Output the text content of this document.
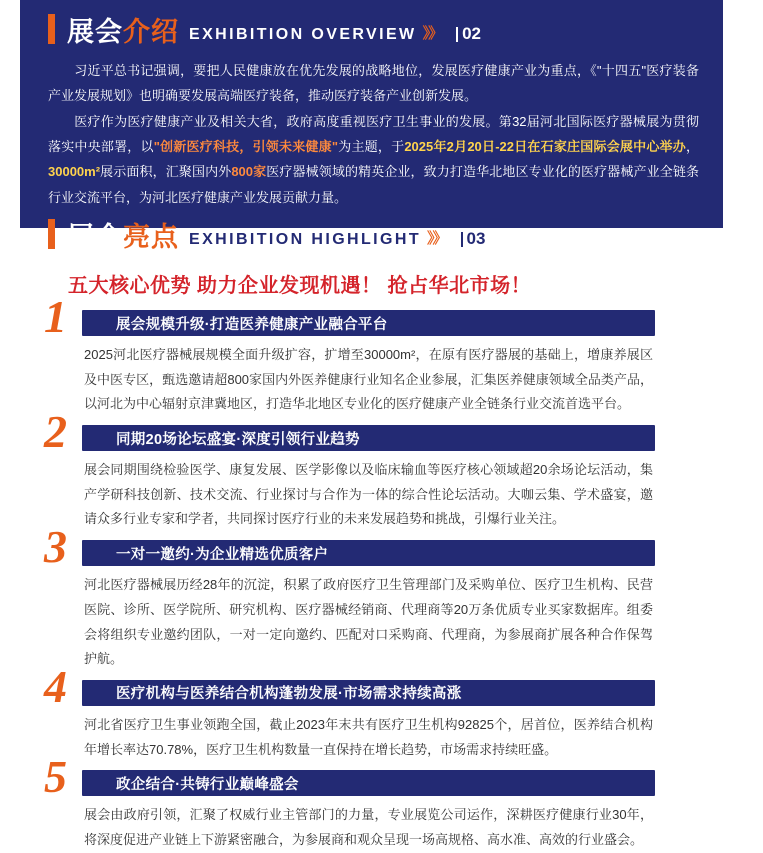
展会介绍 EXHIBITION OVERVIEW 》》	02
习近平总书记强调，要把人民健康放在优先发展的战略地位，发展医疗健康产业为重点，《"十四五"医疗装备产业发展规划》也明确要发展高端医疗装备，推动医疗装备产业创新发展。
医疗作为医疗健康产业及相关大省，政府高度重视医疗卫生事业的发展。第32届河北国际医疗器械展为贯彻落实中央部署，以"创新医疗科技，引领未来健康"为主题，于2025年2月20日-22日在石家庄国际会展中心举办，30000m²展示面积，汇聚国内外800家医疗器械领域的精英企业，致力打造华北地区专业化的医疗器械产业全链条行业交流平台，为河北医疗健康产业发展贡献力量。
展会亮点 EXHIBITION HIGHLIGHT 》》	03
五大核心优势 助力企业发现机遇！ 抢占华北市场！
1	展会规模升级·打造医养健康产业融合平台
2025河北医疗器械展规模全面升级扩容，扩增至30000m²，在原有医疗器展的基础上，增康养展区及中医专区，甄选邀请超800家国内外医养健康行业知名企业参展，汇集医养健康领域全品类产品，以河北为中心辐射京津冀地区，打造华北地区专业化的医疗健康产业全链条行业交流首选平台。
2	同期20场论坛盛宴·深度引领行业趋势
展会同期围绕检验医学、康复发展、医学影像以及临床输血等医疗核心领域超20余场论坛活动，集产学研科技创新、技术交流、行业探讨与合作为一体的综合性论坛活动。大咖云集、学术盛宴，邀请众多行业专家和学者，共同探讨医疗行业的未来发展趋势和挑战，引爆行业关注。
3	一对一邀约·为企业精选优质客户
河北医疗器械展历经28年的沉淀，积累了政府医疗卫生管理部门及采购单位、医疗卫生机构、民营医院、诊所、医学院所、研究机构、医疗器械经销商、代理商等20万条优质专业买家数据库。组委会将组织专业邀约团队，一对一定向邀约、匹配对口采购商、代理商，为参展商扩展各种合作保驾护航。
4	医疗机构与医养结合机构蓬勃发展·市场需求持续高涨
河北省医疗卫生事业领跑全国，截止2023年末共有医疗卫生机构92825个，居首位，医养结合机构年增长率达70.78%，医疗卫生机构数量一直保持在增长趋势，市场需求持续旺盛。
5	政企结合·共铸行业巅峰盛会
展会由政府引领，汇聚了权威行业主管部门的力量，专业展览公司运作，深耕医疗健康行业30年，将深度促进产业链上下游紧密融合，为参展商和观众呈现一场高规格、高水准、高效的行业盛会。
